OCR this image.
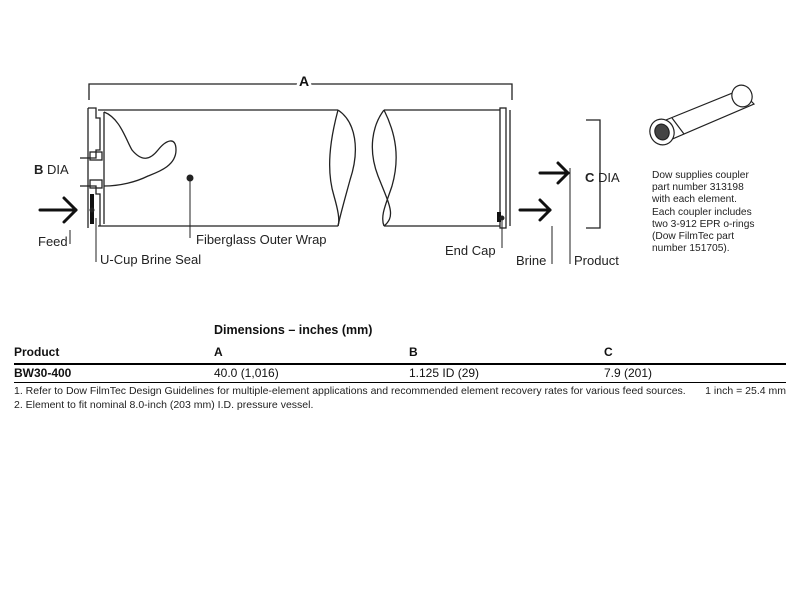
A
B DIA
C DIA
Feed
U-Cup Brine Seal
Fiberglass Outer Wrap
End Cap
Brine Product
Dow supplies coupler
part number 313198
with each element.
Each coupler includes
two 3-912 EPR o-rings
(Dow FilmTec part
number 151705).
Dimensions – inches (mm)
Product	A	B	C
BW30-400	40.0 (1,016)	1.125 ID (29)	7.9 (201)
1. Refer to Dow FilmTec Design Guidelines for multiple-element applications and recommended element recovery rates for various feed sources. 1 inch = 25.4 mm
2. Element to fit nominal 8.0-inch (203 mm) I.D. pressure vessel.
